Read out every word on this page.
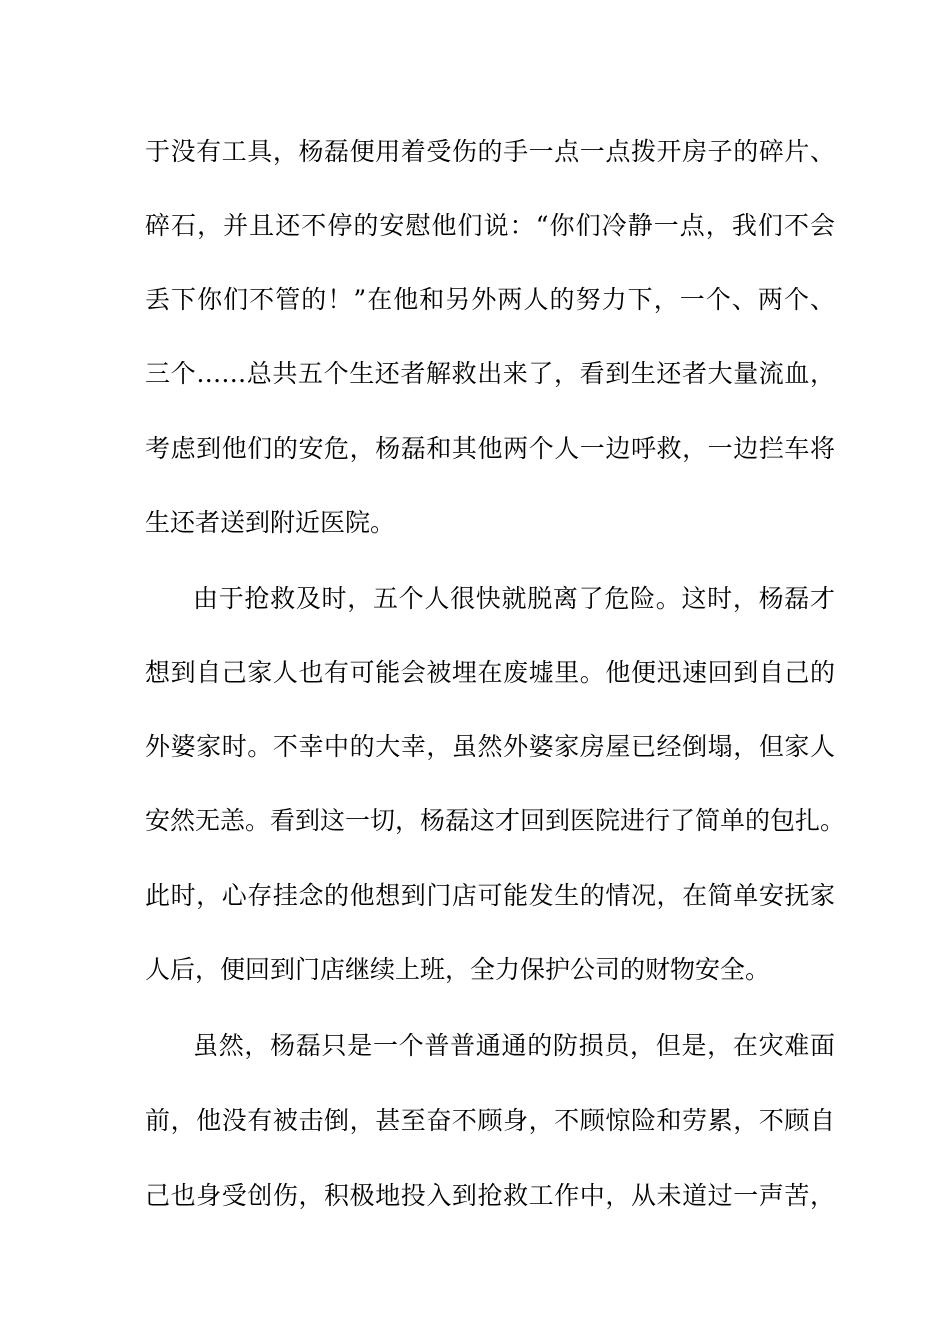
于没有工具，杨磊便用着受伤的手一点一点拨开房子的碎片、
碎石，并且还不停的安慰他们说：“你们冷静一点，我们不会
丢下你们不管的！”在他和另外两人的努力下，一个、两个、
三个……总共五个生还者解救出来了，看到生还者大量流血，
考虑到他们的安危，杨磊和其他两个人一边呼救，一边拦车将
生还者送到附近医院。
由于抢救及时，五个人很快就脱离了危险。这时，杨磊才
想到自己家人也有可能会被埋在废墟里。他便迅速回到自己的
外婆家时。不幸中的大幸，虽然外婆家房屋已经倒塌，但家人
安然无恙。看到这一切，杨磊这才回到医院进行了简单的包扎。
此时，心存挂念的他想到门店可能发生的情况，在简单安抚家
人后，便回到门店继续上班，全力保护公司的财物安全。
虽然，杨磊只是一个普普通通的防损员，但是，在灾难面
前，他没有被击倒，甚至奋不顾身，不顾惊险和劳累，不顾自
己也身受创伤，积极地投入到抢救工作中，从未道过一声苦，
